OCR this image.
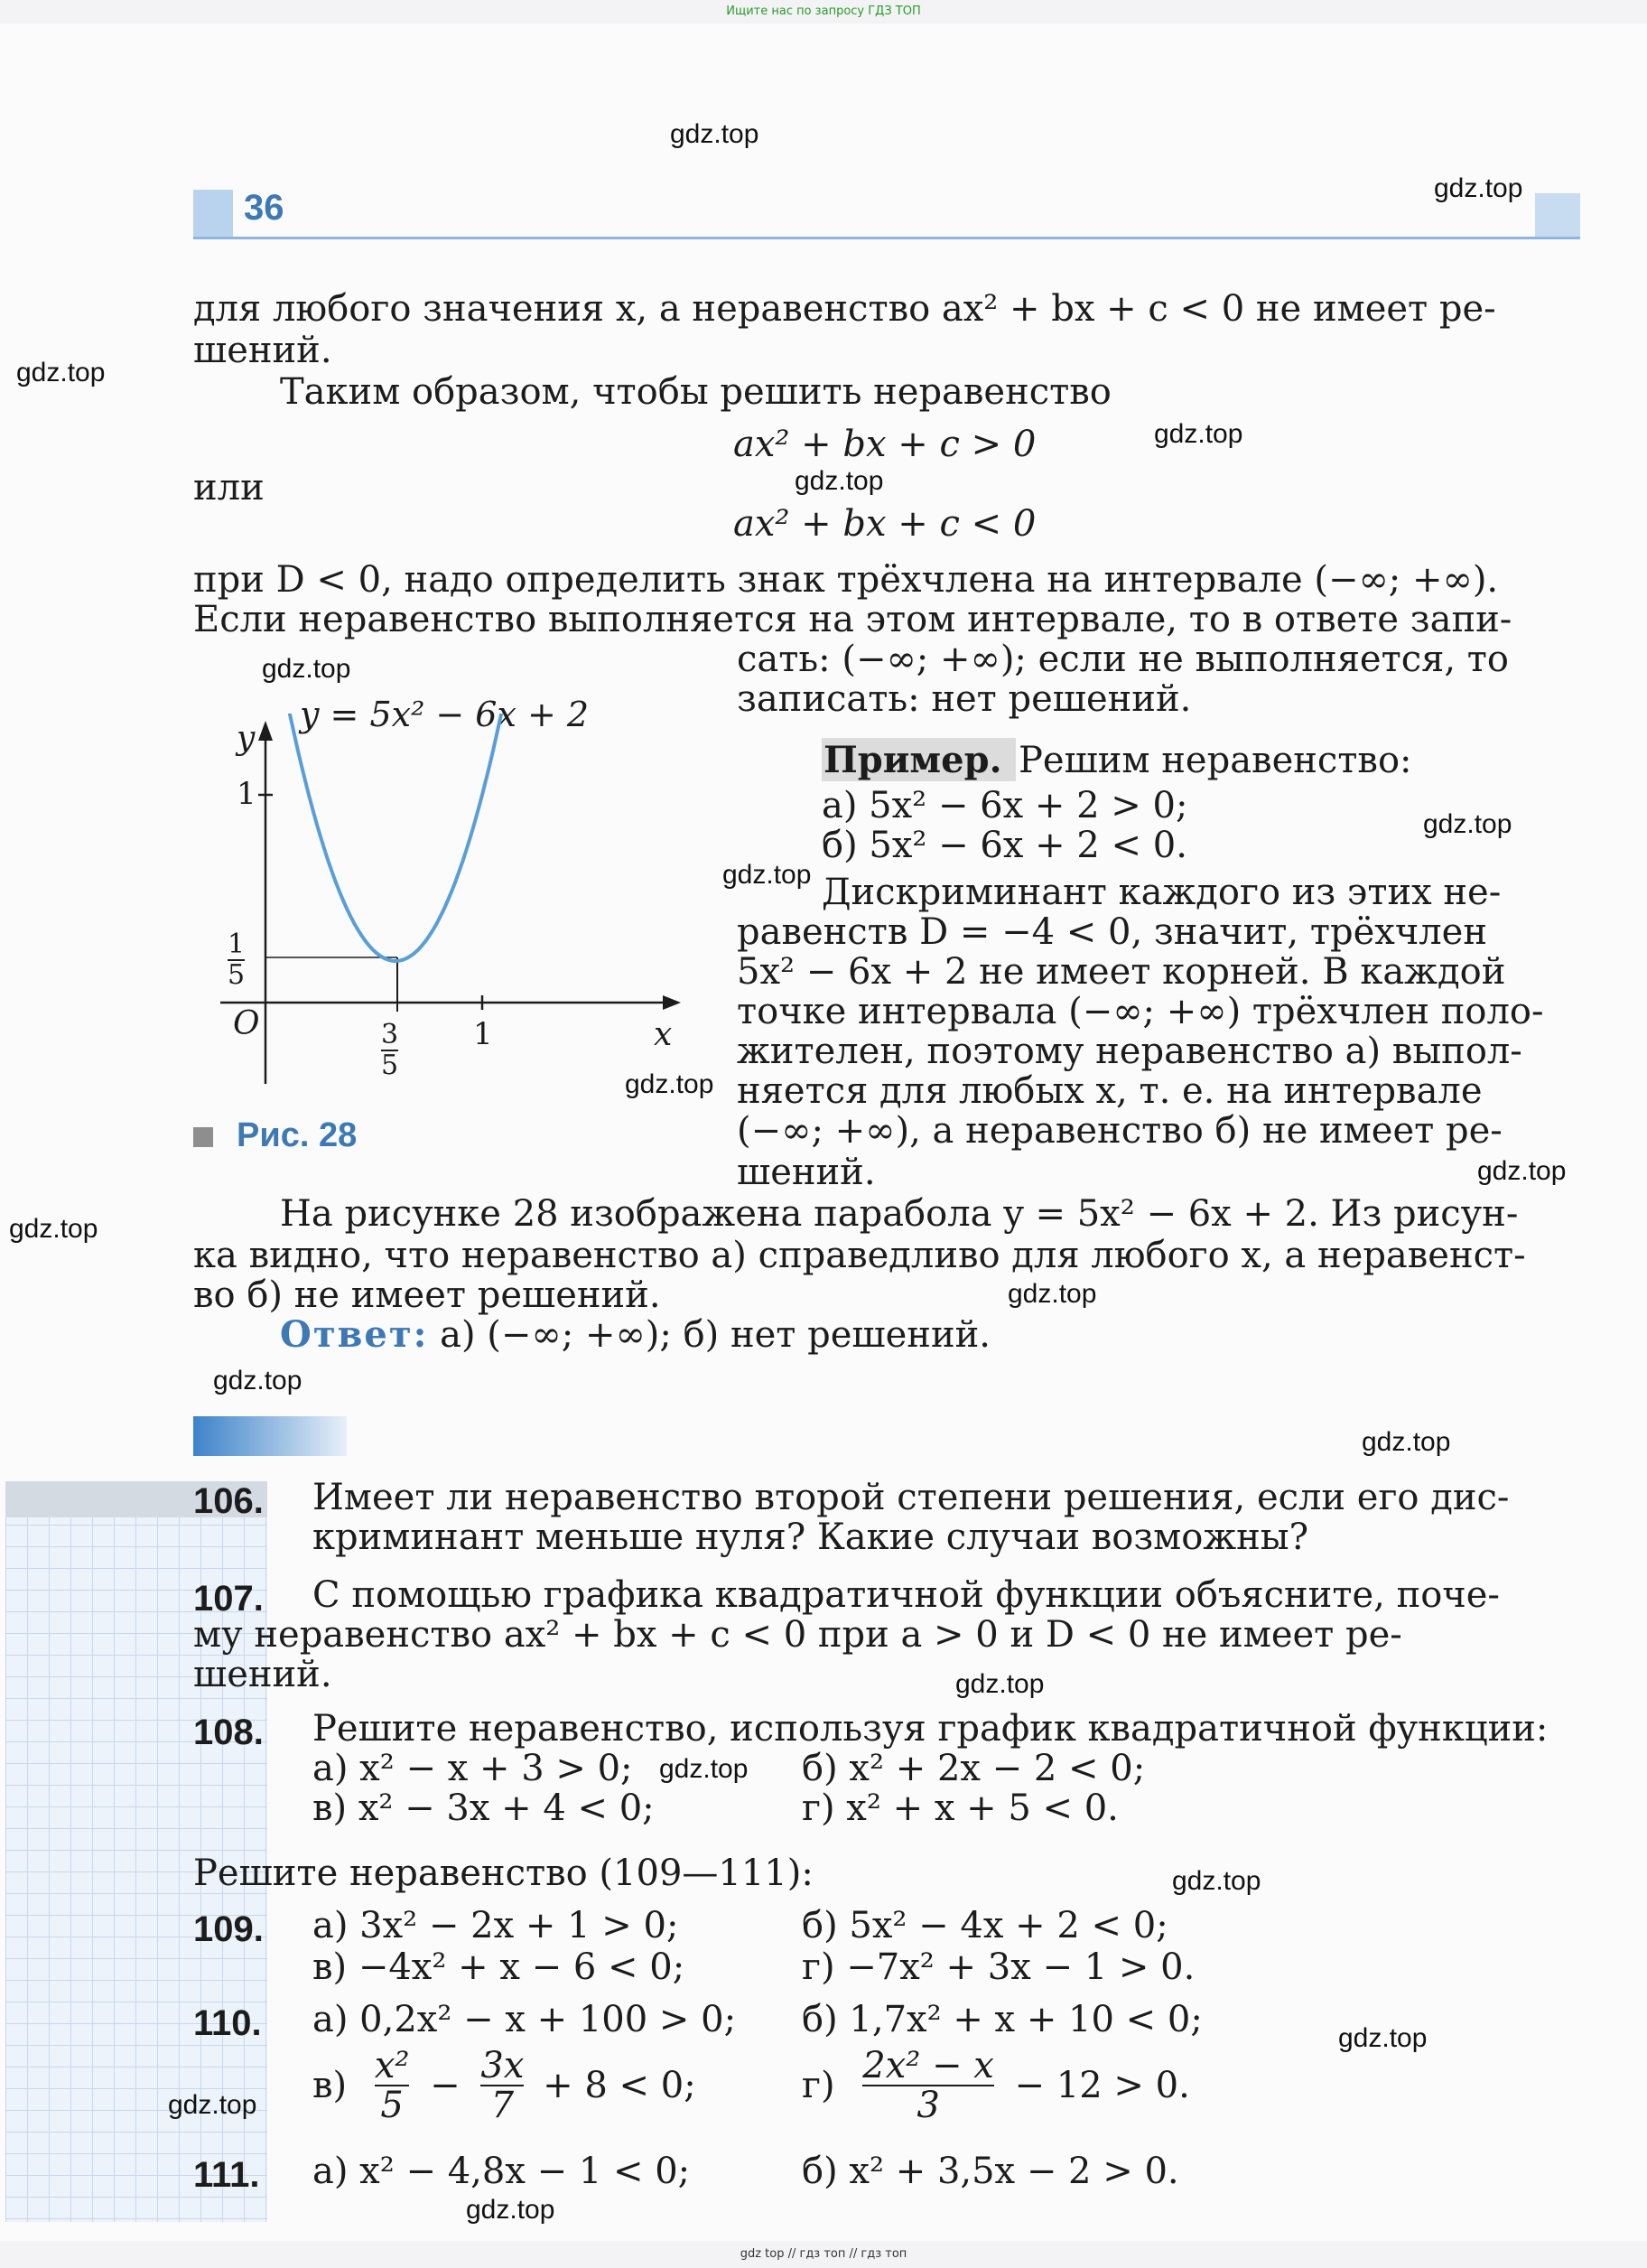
Ищите нас по запросу ГДЗ ТОП
36
для любого значения x, а неравенство ax² + bx + c < 0 не имеет ре-
шений.
Таким образом, чтобы решить неравенство
ax² + bx + c > 0
или
ax² + bx + c < 0
при D < 0, надо определить знак трёхчлена на интервале (−∞; +∞).
Если неравенство выполняется на этом интервале, то в ответе запи-
сать: (−∞; +∞); если не выполняется, то
записать: нет решений.
y = 5x² − 6x + 2
y
1
$\frac{1}{5}$
O	$\frac{3}{5} 1$	x
Рис. 28
Пример. Решим неравенство:
а) 5x² − 6x + 2 > 0;
б) 5x² − 6x + 2 < 0.
Дискриминант каждого из этих не-
равенств D = −4 < 0, значит, трёхчлен
5x² − 6x + 2 не имеет корней. В каждой
точке интервала (−∞; +∞) трёхчлен поло-
жителен, поэтому неравенство а) выпол-
няется для любых x, т. е. на интервале
(−∞; +∞), а неравенство б) не имеет ре-
шений.
На рисунке 28 изображена парабола y = 5x² − 6x + 2. Из рисун-
ка видно, что неравенство а) справедливо для любого x, а неравенст-
во б) не имеет решений.
Ответ: а) (−∞; +∞); б) нет решений.
106. Имеет ли неравенство второй степени решения, если его дис-
криминант меньше нуля? Какие случаи возможны?
107. С помощью графика квадратичной функции объясните, поче-
му неравенство ax² + bx + c < 0 при a > 0 и D < 0 не имеет ре-
шений.
108. Решите неравенство, используя график квадратичной функции:
а) x² − x + 3 > 0;	б) x² + 2x − 2 < 0;
в) x² − 3x + 4 < 0;	г) x² + x + 5 < 0.
Решите неравенство (109—111):
109. а) 3x² − 2x + 1 > 0;	б) 5x² − 4x + 2 < 0;
в) −4x² + x − 6 < 0;	г) −7x² + 3x − 1 > 0.
110. а) 0,2x² − x + 100 > 0; б) 1,7x² + x + 10 < 0;
$в) \frac{\text{x²}}{5} - \frac{3x}{7} + 8 < 0$;	$г) \frac{\text{2x² − x}}{3} - 12 > 0$.
111. а) x² − 4,8x − 1 < 0;	б) x² + 3,5x − 2 > 0.
gdz.top
gdz.top
gdz.top
gdz.top
gdz.top
gdz.top
gdz.top
gdz.top
gdz.top
gdz.top
gdz.top
gdz.top
gdz.top
gdz.top
gdz.top
gdz.top
gdz.top
gdz.top
gdz.top
gdz.top
gdz top // гдз топ // гдз топ
